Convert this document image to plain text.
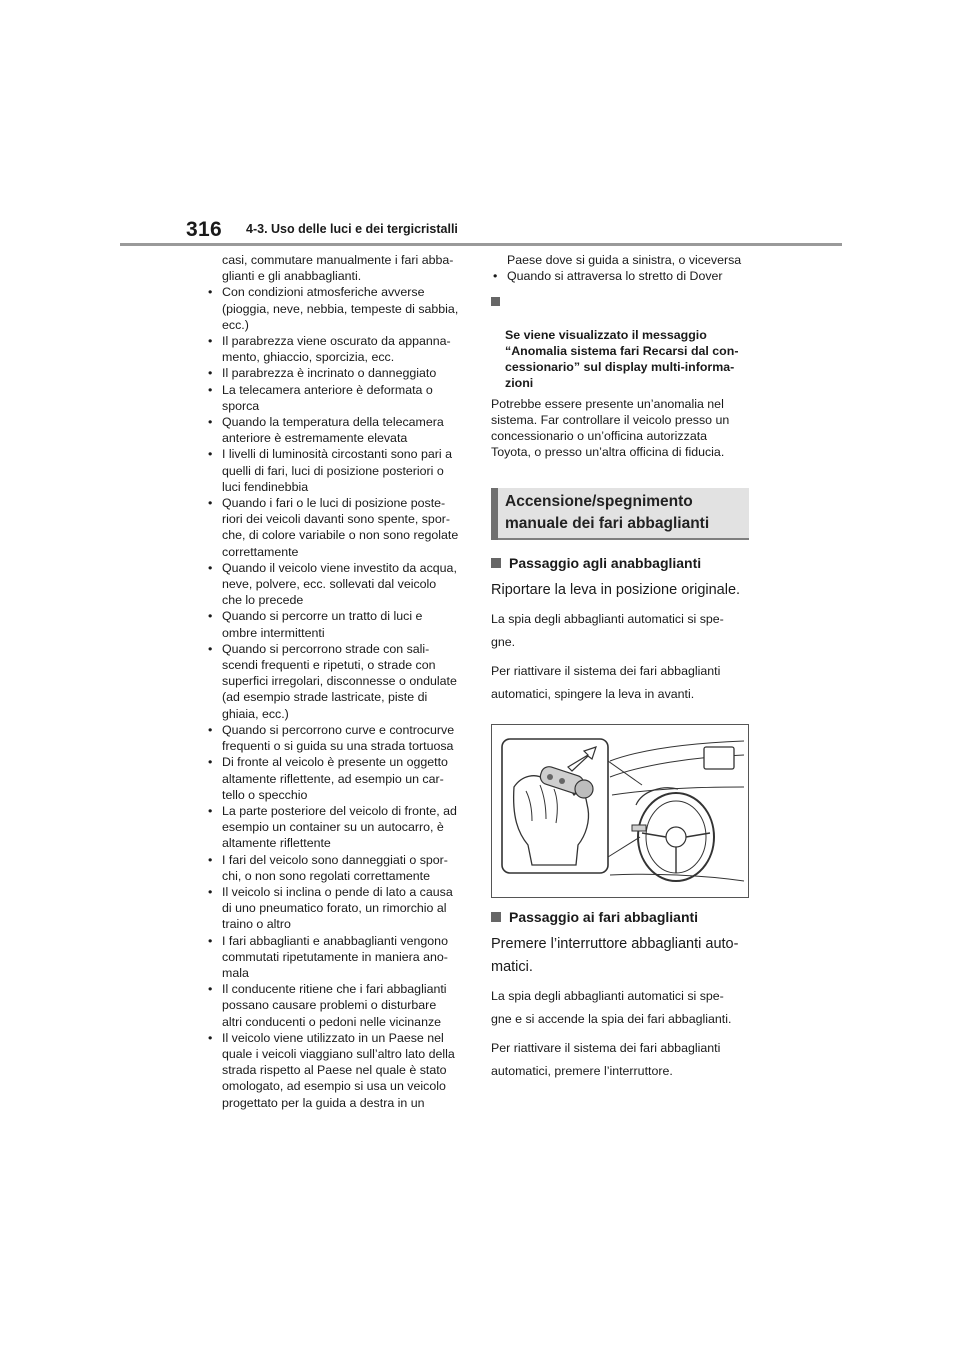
316 4-3. Uso delle luci e dei tergicristalli
casi, commutare manualmente i fari abba-
glianti e gli anabbaglianti.
• Con condizioni atmosferiche avverse
(pioggia, neve, nebbia, tempeste di sabbia,
ecc.)
• Il parabrezza viene oscurato da appanna-
mento, ghiaccio, sporcizia, ecc.
• Il parabrezza è incrinato o danneggiato
• La telecamera anteriore è deformata o
sporca
• Quando la temperatura della telecamera
anteriore è estremamente elevata
• I livelli di luminosità circostanti sono pari a
quelli di fari, luci di posizione posteriori o
luci fendinebbia
• Quando i fari o le luci di posizione poste-
riori dei veicoli davanti sono spente, spor-
che, di colore variabile o non sono regolate
correttamente
• Quando il veicolo viene investito da acqua,
neve, polvere, ecc. sollevati dal veicolo
che lo precede
• Quando si percorre un tratto di luci e
ombre intermittenti
• Quando si percorrono strade con sali-
scendi frequenti e ripetuti, o strade con
superfici irregolari, disconnesse o ondulate
(ad esempio strade lastricate, piste di
ghiaia, ecc.)
• Quando si percorrono curve e controcurve
frequenti o si guida su una strada tortuosa
• Di fronte al veicolo è presente un oggetto
altamente riflettente, ad esempio un car-
tello o specchio
• La parte posteriore del veicolo di fronte, ad
esempio un container su un autocarro, è
altamente riflettente
• I fari del veicolo sono danneggiati o spor-
chi, o non sono regolati correttamente
• Il veicolo si inclina o pende di lato a causa
di uno pneumatico forato, un rimorchio al
traino o altro
• I fari abbaglianti e anabbaglianti vengono
commutati ripetutamente in maniera ano-
mala
• Il conducente ritiene che i fari abbaglianti
possano causare problemi o disturbare
altri conducenti o pedoni nelle vicinanze
• Il veicolo viene utilizzato in un Paese nel
quale i veicoli viaggiano sull’altro lato della
strada rispetto al Paese nel quale è stato
omologato, ad esempio si usa un veicolo
progettato per la guida a destra in un
Paese dove si guida a sinistra, o viceversa
• Quando si attraversa lo stretto di Dover

Se viene visualizzato il messaggio
“Anomalia sistema fari Recarsi dal con-
cessionario” sul display multi-informa-
zioni

Potrebbe essere presente un’anomalia nel
sistema. Far controllare il veicolo presso un
concessionario o un’officina autorizzata
Toyota, o presso un’altra officina di fiducia.
Accensione/spegnimento
manuale dei fari abbaglianti
Passaggio agli anabbaglianti
Riportare la leva in posizione originale.
La spia degli abbaglianti automatici si spe-
gne.
Per riattivare il sistema dei fari abbaglianti
automatici, spingere la leva in avanti.
Passaggio ai fari abbaglianti
Premere l’interruttore abbaglianti auto-
matici.
La spia degli abbaglianti automatici si spe-
gne e si accende la spia dei fari abbaglianti.
Per riattivare il sistema dei fari abbaglianti
automatici, premere l’interruttore.
